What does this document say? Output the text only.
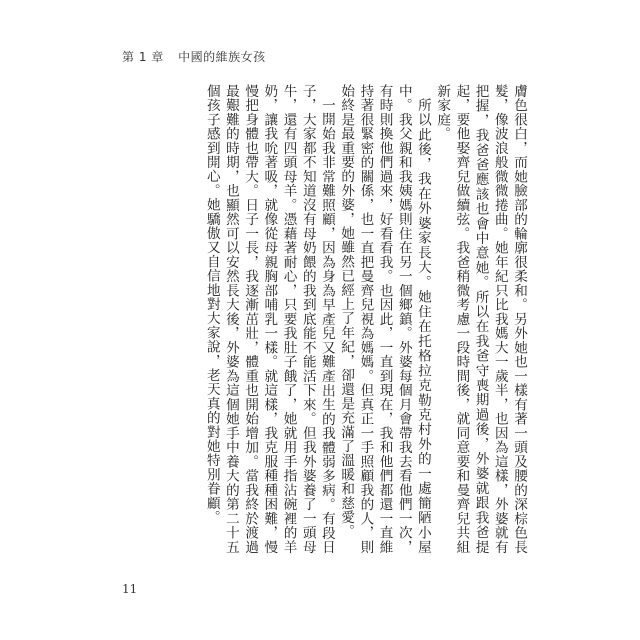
第 1 章 中國的維族女孩

膚色很白，而她臉部的輪廓很柔和。另外她也一樣有著一頭及腰的深棕色長髮，像波浪般微微捲曲。她年紀只比我媽大一歲半，也因為這樣，外婆就有把握，我爸爸應該也會中意她。所以在我爸守喪期過後，外婆就跟我爸提起，要他娶齊兒做續弦。我爸稍微考慮一段時間後，就同意要和曼齊兒共組新家庭。

所以此後，我在外婆家長大。她住在托格拉克勒克村外的一處簡陋小屋中。我父親和我姨媽則住在另一個鄉鎮。外婆每個月會帶我去看他們一次，有時則換他們過來，好看看我。也因此，一直到現在，我和他們都還一直維持著很緊密的關係，也一直把曼齊兒視為媽媽。但真正一手照顧我的人，則始終是最重要的外婆，她雖然已經上了年紀，卻還是充滿了溫暖和慈愛。

一開始我非常難照顧，因為身為早產兒又難產出生的我體弱多病。有段日子，大家都不知道沒有母奶餵的我到底能不能活下來。但我外婆養了一頭母牛，還有四頭母羊。憑藉著耐心，只要我肚子餓了，她就用手指沾碗裡的羊奶，讓我吮著吸，就像從母親胸部哺乳一樣。就這樣，我克服種種困難，慢慢把身體也帶大。日子一長，我逐漸茁壯，體重也開始增加。當我終於渡過最艱難的時期，也顯然可以安然長大後，外婆為這個她手中養大的第二十五個孩子感到開心。她驕傲又自信地對大家說，老天真的對她特別眷顧。

11
